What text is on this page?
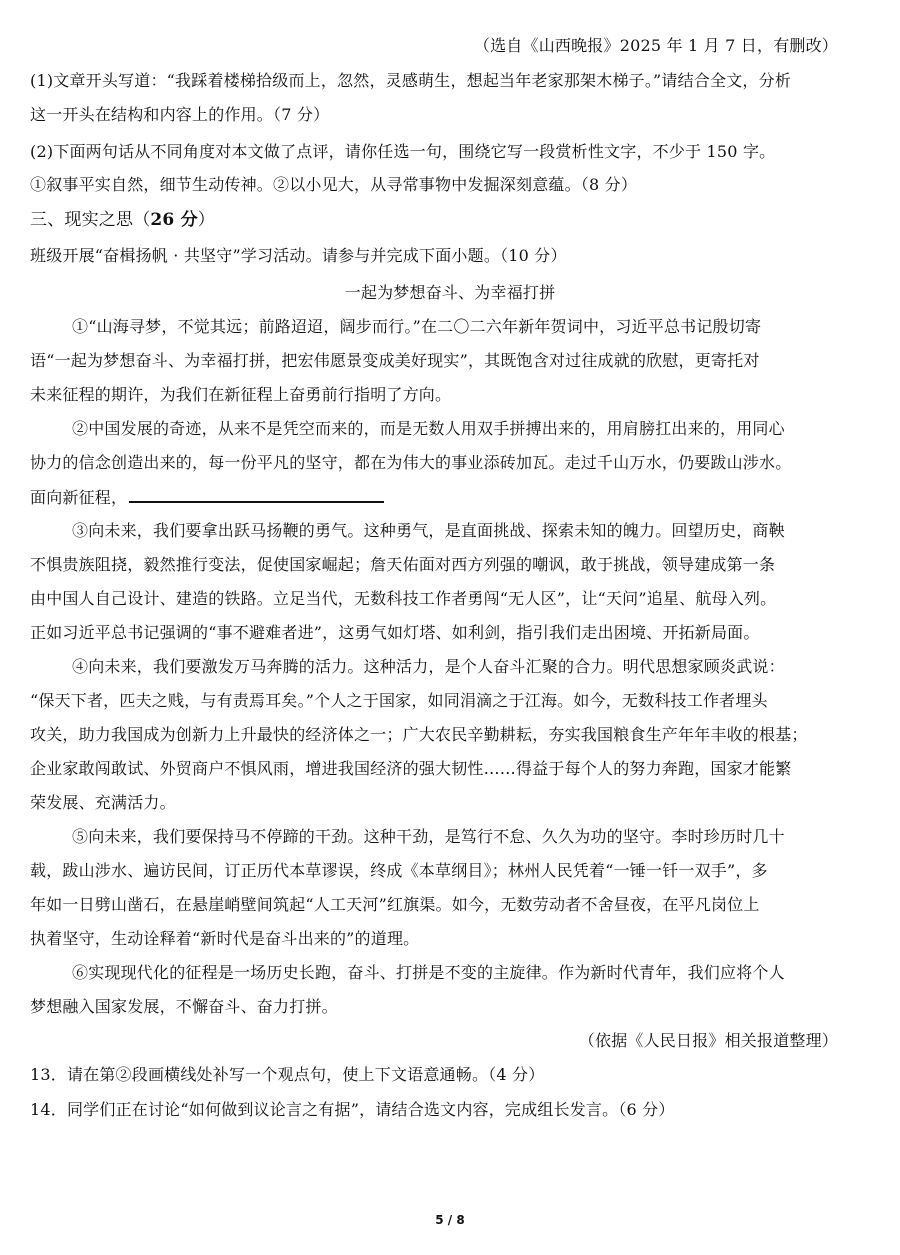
（选自《山西晚报》2025 年 1 月 7 日，有删改）
(1)文章开头写道：“我踩着楼梯拾级而上，忽然，灵感萌生，想起当年老家那架木梯子。”请结合全文，分析
这一开头在结构和内容上的作用。（7 分）
(2)下面两句话从不同角度对本文做了点评，请你任选一句，围绕它写一段赏析性文字，不少于 150 字。
①叙事平实自然，细节生动传神。②以小见大，从寻常事物中发掘深刻意蕴。（8 分）
三、现实之思（26 分）
班级开展“奋楫扬帆 · 共坚守”学习活动。请参与并完成下面小题。（10 分）
一起为梦想奋斗、为幸福打拼
①“山海寻梦，不觉其远；前路迢迢，阔步而行。”在二〇二六年新年贺词中，习近平总书记殷切寄
语“一起为梦想奋斗、为幸福打拼，把宏伟愿景变成美好现实”，其既饱含对过往成就的欣慰，更寄托对
未来征程的期许，为我们在新征程上奋勇前行指明了方向。
②中国发展的奇迹，从来不是凭空而来的，而是无数人用双手拼搏出来的，用肩膀扛出来的，用同心
协力的信念创造出来的，每一份平凡的坚守，都在为伟大的事业添砖加瓦。走过千山万水，仍要跋山涉水。
面向新征程，
③向未来，我们要拿出跃马扬鞭的勇气。这种勇气，是直面挑战、探索未知的魄力。回望历史，商鞅
不惧贵族阻挠，毅然推行变法，促使国家崛起；詹天佑面对西方列强的嘲讽，敢于挑战，领导建成第一条
由中国人自己设计、建造的铁路。立足当代，无数科技工作者勇闯“无人区”，让“天问”追星、航母入列。
正如习近平总书记强调的“事不避难者进”，这勇气如灯塔、如利剑，指引我们走出困境、开拓新局面。
④向未来，我们要激发万马奔腾的活力。这种活力，是个人奋斗汇聚的合力。明代思想家顾炎武说：
“保天下者，匹夫之贱，与有责焉耳矣。”个人之于国家，如同涓滴之于江海。如今，无数科技工作者埋头
攻关，助力我国成为创新力上升最快的经济体之一；广大农民辛勤耕耘，夯实我国粮食生产年年丰收的根基；
企业家敢闯敢试、外贸商户不惧风雨，增进我国经济的强大韧性……得益于每个人的努力奔跑，国家才能繁
荣发展、充满活力。
⑤向未来，我们要保持马不停蹄的干劲。这种干劲，是笃行不怠、久久为功的坚守。李时珍历时几十
载，跋山涉水、遍访民间，订正历代本草谬误，终成《本草纲目》；林州人民凭着“一锤一钎一双手”，多
年如一日劈山凿石，在悬崖峭壁间筑起“人工天河”红旗渠。如今，无数劳动者不舍昼夜，在平凡岗位上
执着坚守，生动诠释着“新时代是奋斗出来的”的道理。
⑥实现现代化的征程是一场历史长跑，奋斗、打拼是不变的主旋律。作为新时代青年，我们应将个人
梦想融入国家发展，不懈奋斗、奋力打拼。
（依据《人民日报》相关报道整理）
13．请在第②段画横线处补写一个观点句，使上下文语意通畅。（4 分）
14．同学们正在讨论“如何做到议论言之有据”，请结合选文内容，完成组长发言。（6 分）
5 / 8
